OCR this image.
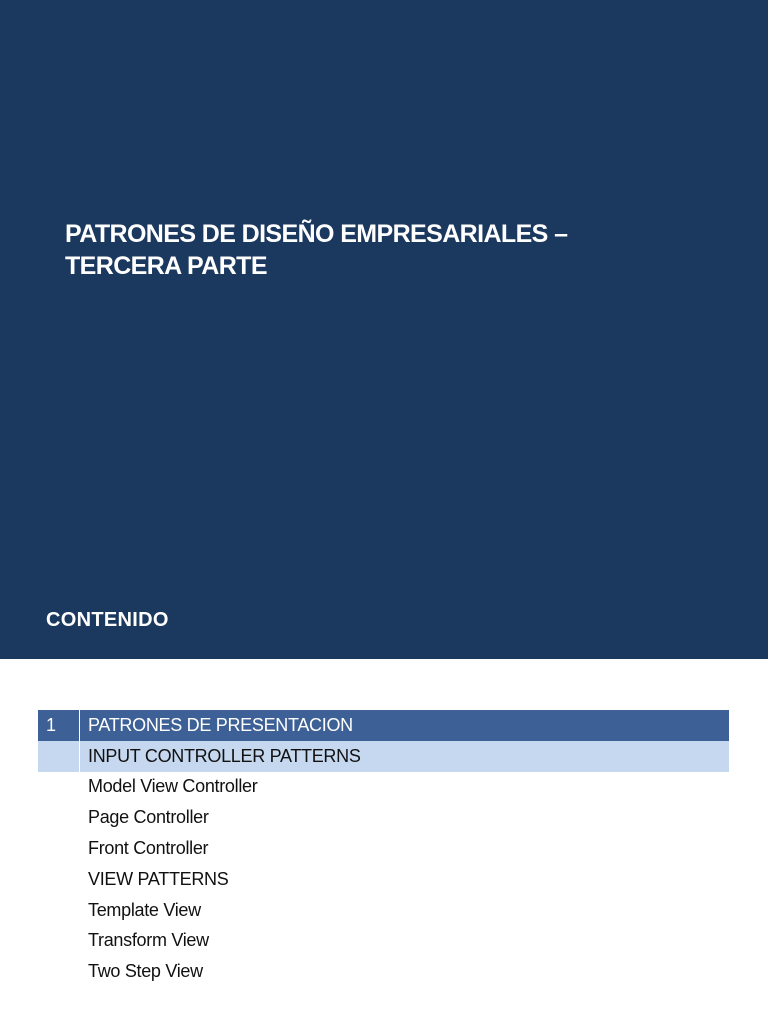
PATRONES DE DISEÑO EMPRESARIALES –
TERCERA PARTE
CONTENIDO
1	PATRONES DE PRESENTACION
INPUT CONTROLLER PATTERNS
Model View Controller
Page Controller
Front Controller
VIEW PATTERNS
Template View
Transform View
Two Step View
